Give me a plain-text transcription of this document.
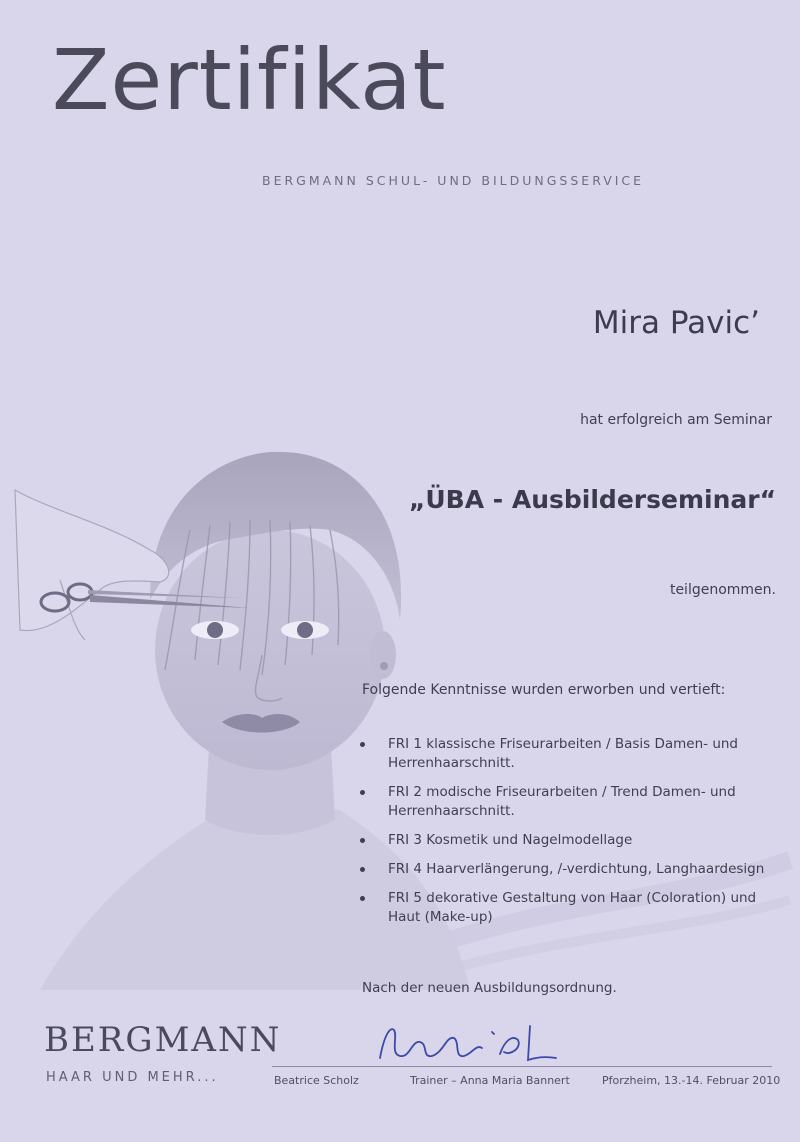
Zertifikat
BERGMANN SCHUL- UND BILDUNGSSERVICE
Mira Pavic’
hat erfolgreich am Seminar
„ÜBA - Ausbilderseminar“
teilgenommen.
Folgende Kenntnisse wurden erworben und vertieft:
FRI 1 klassische Friseurarbeiten / Basis Damen- und Herrenhaarschnitt.
FRI 2 modische Friseurarbeiten / Trend Damen- und Herrenhaarschnitt.
FRI 3 Kosmetik und Nagelmodellage
FRI 4 Haarverlängerung, /-verdichtung, Langhaardesign
FRI 5 dekorative Gestaltung von Haar (Coloration) und Haut (Make-up)
Nach der neuen Ausbildungsordnung.
BERGMANN
HAAR UND MEHR...	Beatrice Scholz	Trainer – Anna Maria Bannert	Pforzheim, 13.-14. Februar 2010
